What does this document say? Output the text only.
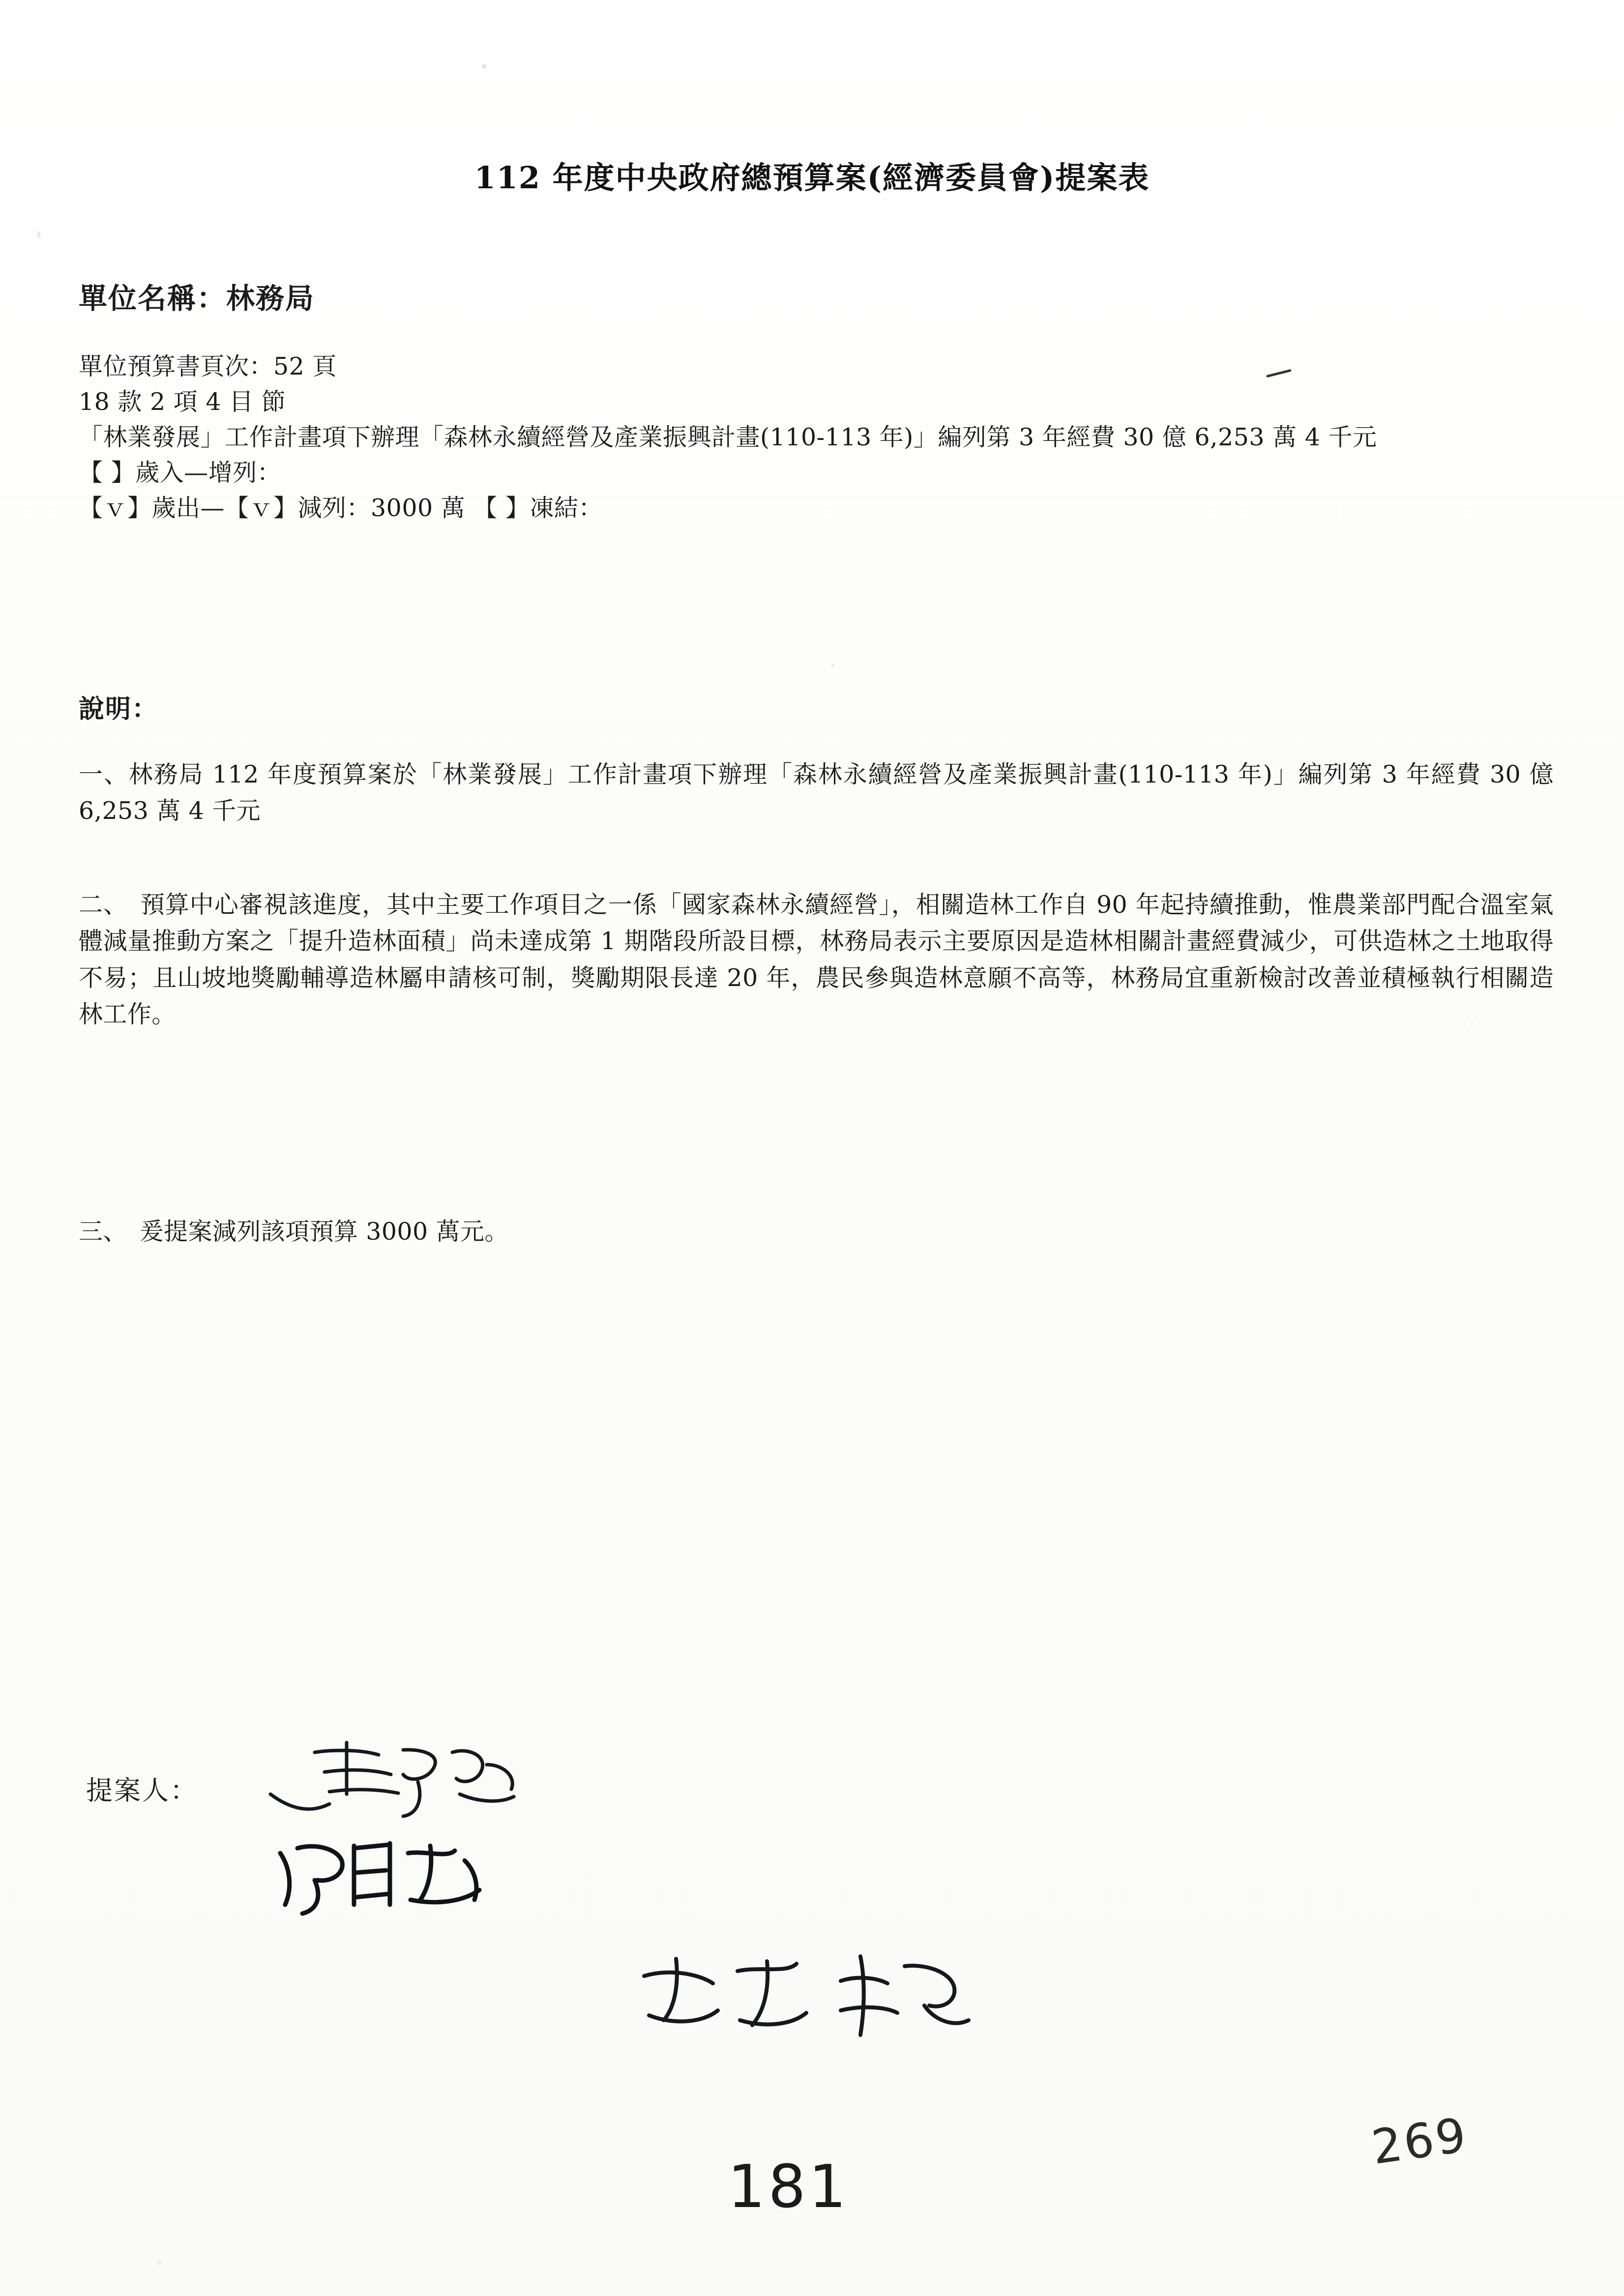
112 年度中央政府總預算案(經濟委員會)提案表
單位名稱：林務局
單位預算書頁次：52 頁
18 款 2 項 4 目 節
「林業發展」工作計畫項下辦理「森林永續經營及產業振興計畫(110-113 年)」編列第 3 年經費 30 億 6,253 萬 4 千元
【 】歲入—增列：
【ｖ】歲出—【ｖ】減列：3000 萬 【 】凍結：
說明：

一、林務局 112 年度預算案於「林業發展」工作計畫項下辦理「森林永續經營及產業振興計畫(110-113 年)」編列第 3 年經費 30 億 6,253 萬 4 千元

二、　預算中心審視該進度，其中主要工作項目之一係「國家森林永續經營」，相關造林工作自 90 年起持續推動，惟農業部門配合溫室氣體減量推動方案之「提升造林面積」尚未達成第 1 期階段所設目標，林務局表示主要原因是造林相關計畫經費減少，可供造林之土地取得不易；且山坡地獎勵輔導造林屬申請核可制，獎勵期限長達 20 年，農民參與造林意願不高等，林務局宜重新檢討改善並積極執行相關造林工作。

三、　爰提案減列該項預算 3000 萬元。

提案人：
181
269
